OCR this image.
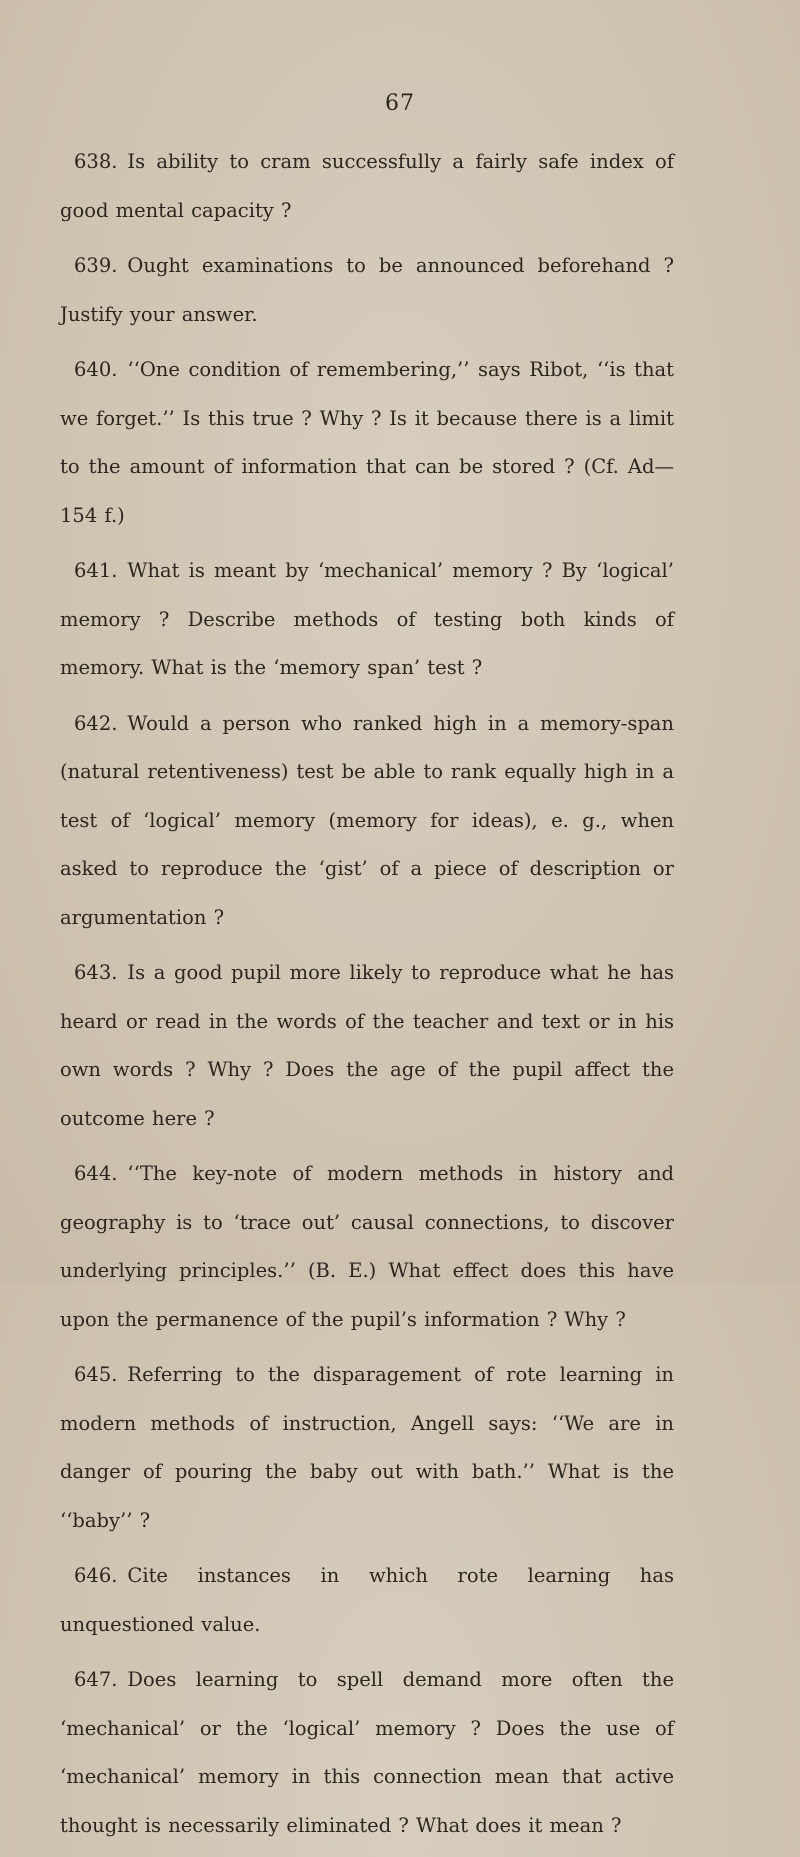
67

638. Is ability to cram successfully a fairly safe index of good mental capacity ?

639. Ought examinations to be announced beforehand ? Justify your answer.

640. ‘‘One condition of remembering,’’ says Ribot, ‘‘is that we forget.’’ Is this true ? Why ? Is it because there is a limit to the amount of information that can be stored ? (Cf. Ad—154 f.)

641. What is meant by ‘mechanical’ memory ? By ‘logical’ memory ? Describe methods of testing both kinds of memory. What is the ‘memory span’ test ?

642. Would a person who ranked high in a memory-span (natural retentiveness) test be able to rank equally high in a test of ‘logical’ memory (memory for ideas), e. g., when asked to reproduce the ‘gist’ of a piece of description or argumentation ?

643. Is a good pupil more likely to reproduce what he has heard or read in the words of the teacher and text or in his own words ? Why ? Does the age of the pupil affect the outcome here ?

644. ‘‘The key-note of modern methods in history and geography is to ‘trace out’ causal connections, to discover underlying principles.’’ (B. E.) What effect does this have upon the permanence of the pupil’s information ? Why ?

645. Referring to the disparagement of rote learning in modern methods of instruction, Angell says: ‘‘We are in danger of pouring the baby out with bath.’’ What is the ‘‘baby’’ ?

646. Cite instances in which rote learning has unquestioned value.

647. Does learning to spell demand more often the ‘mechanical’ or the ‘logical’ memory ? Does the use of ‘mechanical’ memory in this connection mean that active thought is necessarily eliminated ? What does it mean ?
